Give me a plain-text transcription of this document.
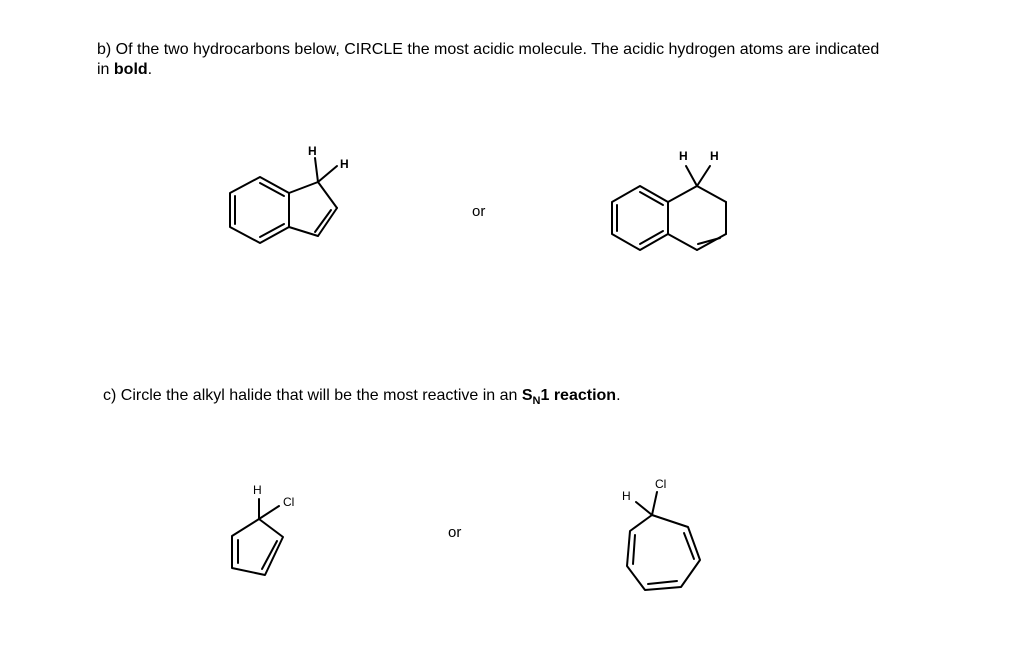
b) Of the two hydrocarbons below, CIRCLE the most acidic molecule. The acidic hydrogen atoms are indicated
in bold.
or
c) Circle the alkyl halide that will be the most reactive in an $S_N1$ reaction.
or
H
H
H H
H
Cl	H
Cl
